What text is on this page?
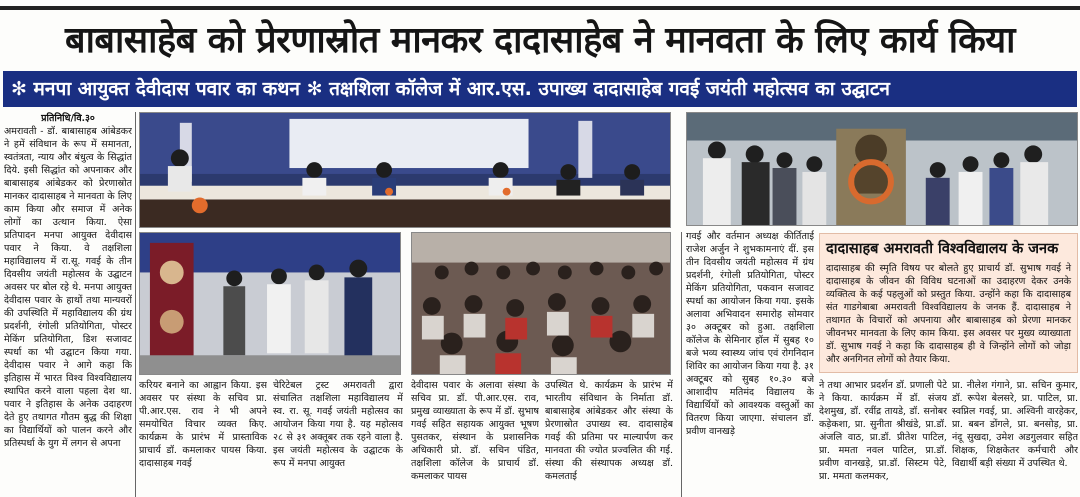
बाबासाहेब को प्रेरणास्रोत मानकर दादासाहेब ने मानवता के लिए कार्य किया
✻ मनपा आयुक्त देवीदास पवार का कथन ✻ तक्षशिला कॉलेज में आर.एस. उपाख्य दादासाहेब गवई जयंती महोत्सव का उद्घाटन
प्रतिनिधि/वि.३०
अमरावती - डॉ. बाबासाहब आंबेडकर ने हमें संविधान के रूप में समानता, स्वतंत्रता, न्याय और बंधुत्व के सिद्धांत दिये. इसी सिद्धांत को अपनाकर और बाबासाहब आंबेडकर को प्रेरणास्रोत मानकर दादासाहब ने मानवता के लिए काम किया और समाज में अनेक लोगों का उत्थान किया. ऐसा प्रतिपादन मनपा आयुक्त देवीदास पवार ने किया. वे तक्षशिला महाविद्यालय में रा.सू. गवई के तीन दिवसीय जयंती महोत्सव के उद्घाटन अवसर पर बोल रहे थे. मनपा आयुक्त देवीदास पवार के हाथों तथा मान्यवरों की उपस्थिति में महाविद्यालय की ग्रंथ प्रदर्शनी, रंगोली प्रतियोगिता, पोस्टर मेकिंग प्रतियोगिता, डिश सजावट स्पर्धा का भी उद्घाटन किया गया. देवीदास पवार ने आगे कहा कि इतिहास में भारत विश्व विश्वविद्यालय स्थापित करने वाला पहला देश था. पवार ने इतिहास के अनेक उदाहरण देते हुए तथागत गौतम बुद्ध की शिक्षा का विद्यार्थियों को पालन करने और प्रतिस्पर्धा के युग में लगन से अपना
करियर बनाने का आह्वान किया. इस अवसर पर संस्था के सचिव प्रा. पी.आर.एस. राव ने भी अपने समयोचित विचार व्यक्त किए. कार्यक्रम के प्रारंभ में प्रास्ताविक प्राचार्य डॉ. कमलाकर पायस किया. दादासाहब गवई
चेरिटेबल ट्रस्ट अमरावती द्वारा संचालित तक्षशिला महाविद्यालय में स्व. रा. सू. गवई जयंती महोत्सव का आयोजन किया गया है. यह महोत्सव २८ से ३१ अक्तूबर तक रहने वाला है. इस जयंती महोत्सव के उद्घाटक के रूप में मनपा आयुक्त
देवीदास पवार के अलावा संस्था के सचिव प्रा. डॉ. पी.आर.एस. राव, प्रमुख व्याख्याता के रूप में डॉ. सुभाष गवई सहित सहायक आयुक्त भूषण पुसतकर, संस्थान के प्रशासनिक अधिकारी प्रो. डॉ. सचिन पंडित, तक्षशिला कॉलेज के प्राचार्य डॉ. कमलाकर पायस
उपस्थित थे. कार्यक्रम के प्रारंभ में भारतीय संविधान के निर्माता डॉ. बाबासाहेब आंबेडकर और संस्था के प्रेरणास्रोत उपाख्य स्व. दादासाहेब गवई की प्रतिमा पर माल्यार्पण कर मानवता की ज्योत प्रज्वलित की गई. संस्था की संस्थापक अध्यक्ष डॉ. कमलताई
गवई और वर्तमान अध्यक्ष कीर्तिताई राजेश अर्जुन ने शुभकामनाएं दीं. इस तीन दिवसीय जयंती महोत्सव में ग्रंथ प्रदर्शनी, रंगोली प्रतियोगिता, पोस्टर मेकिंग प्रतियोगिता, पकवान सजावट स्पर्धा का आयोजन किया गया. इसके अलावा अभिवादन समारोह सोमवार ३० अक्टूबर को हुआ. तक्षशिला कॉलेज के सेमिनार हॉल में सुबह १० बजे भव्य स्वास्थ्य जांच एवं रोगनिदान शिविर का आयोजन किया गया है. ३१ अक्टूबर को सुबह १०.३० बजे आशादीप मतिमंद विद्यालय के विद्यार्थियों को आवश्यक वस्तुओं का वितरण किया जाएगा. संचालन डॉ. प्रवीण वानखड़े
दादासाहब अमरावती विश्वविद्यालय के जनक

दादासाहब की स्मृति विषय पर बोलते हुए प्राचार्य डॉ. सुभाष गवई ने दादासाहब के जीवन की विविध घटनाओं का उदाहरण देकर उनके व्यक्तित्व के कई पहलुओं को प्रस्तुत किया. उन्होंने कहा कि दादासाहब संत गाडगेबाबा अमरावती विश्वविद्यालय के जनक हैं. दादासाहब ने तथागत के विचारों को अपनाया और बाबासाहब को प्रेरणा मानकर जीवनभर मानवता के लिए काम किया. इस अवसर पर मुख्य व्याख्याता डॉ. सुभाष गवई ने कहा कि दादासाहब ही वे जिन्होंने लोगों को जोड़ा और अनगिनत लोगों को तैयार किया.

ने तथा आभार प्रदर्शन डॉ. प्रणाली पेटे ने किया. कार्यक्रम में डॉ. संजय देशमुख, डॉ. रवींद्र तायडे, डॉ. सनोबर कड़ेकशा, प्रा. सुनीता श्रीखंडे, प्रा.डॉ. अंजलि वाठ, प्रा.डॉ. प्रीतेश पाटिल, प्रा. ममता नवल पाटिल, प्रा.डॉ. प्रवीण वानखड़े, प्रा.डॉ. सिस्टम पेटे, प्रा. ममता कलमकर,
प्रा. नीलेश गंगाने, प्रा. सचिन कुमार, डॉ. रूपेश बेलसरे, प्रा. पाटिल, प्रा. स्वप्निल गवई, प्रा. अश्विनी वारहेकर, प्रा. बबन डोंगले, प्रा. बनसोड़, प्रा. नंदू सुखदा, उमेश अडगुलवार सहित शिक्षक, शिक्षकेतर कर्मचारी और विद्यार्थी बड़ी संख्या में उपस्थित थे.
